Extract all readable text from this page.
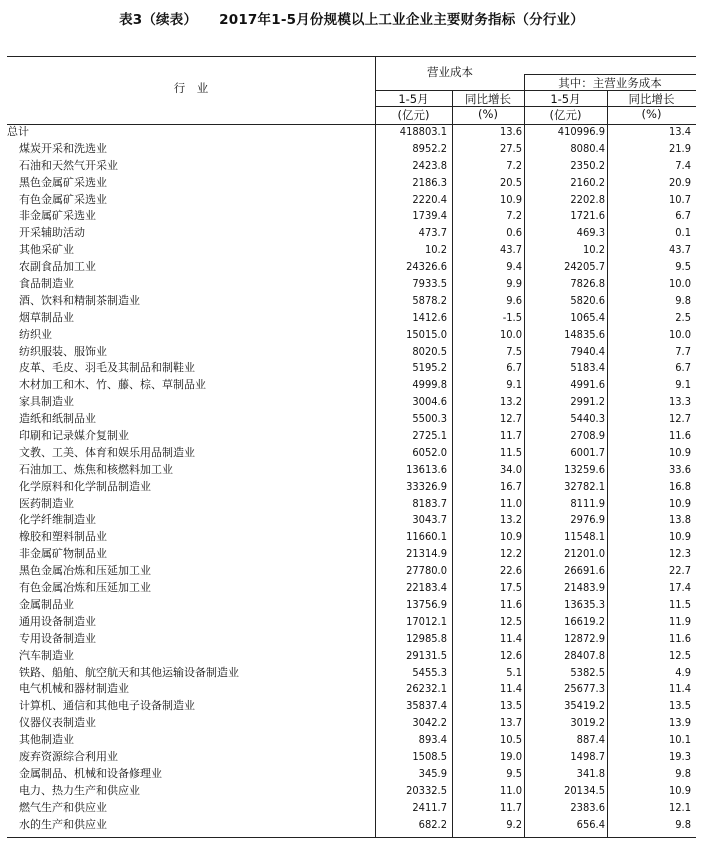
表3（续表） 2017年1-5月份规模以上工业企业主要财务指标（分行业）
行　业
营业成本
其中：主营业务成本
1-5月	同比增长	1-5月	同比增长
(亿元)	(%)	(亿元)	(%)
总计	418803.1	13.6	410996.9	13.4
煤炭开采和洗选业	8952.2	27.5	8080.4	21.9
石油和天然气开采业	2423.8	7.2	2350.2	7.4
黑色金属矿采选业	2186.3	20.5	2160.2	20.9
有色金属矿采选业	2220.4	10.9	2202.8	10.7
非金属矿采选业	1739.4	7.2	1721.6	6.7
开采辅助活动	473.7	0.6	469.3	0.1
其他采矿业	10.2	43.7	10.2	43.7
农副食品加工业	24326.6	9.4	24205.7	9.5
食品制造业	7933.5	9.9	7826.8	10.0
酒、饮料和精制茶制造业	5878.2	9.6	5820.6	9.8
烟草制品业	1412.6	-1.5	1065.4	2.5
纺织业	15015.0	10.0	14835.6	10.0
纺织服装、服饰业	8020.5	7.5	7940.4	7.7
皮革、毛皮、羽毛及其制品和制鞋业	5195.2	6.7	5183.4	6.7
木材加工和木、竹、藤、棕、草制品业	4999.8	9.1	4991.6	9.1
家具制造业	3004.6	13.2	2991.2	13.3
造纸和纸制品业	5500.3	12.7	5440.3	12.7
印刷和记录媒介复制业	2725.1	11.7	2708.9	11.6
文教、工美、体育和娱乐用品制造业	6052.0	11.5	6001.7	10.9
石油加工、炼焦和核燃料加工业	13613.6	34.0	13259.6	33.6
化学原料和化学制品制造业	33326.9	16.7	32782.1	16.8
医药制造业	8183.7	11.0	8111.9	10.9
化学纤维制造业	3043.7	13.2	2976.9	13.8
橡胶和塑料制品业	11660.1	10.9	11548.1	10.9
非金属矿物制品业	21314.9	12.2	21201.0	12.3
黑色金属冶炼和压延加工业	27780.0	22.6	26691.6	22.7
有色金属冶炼和压延加工业	22183.4	17.5	21483.9	17.4
金属制品业	13756.9	11.6	13635.3	11.5
通用设备制造业	17012.1	12.5	16619.2	11.9
专用设备制造业	12985.8	11.4	12872.9	11.6
汽车制造业	29131.5	12.6	28407.8	12.5
铁路、船舶、航空航天和其他运输设备制造业	5455.3	5.1	5382.5	4.9
电气机械和器材制造业	26232.1	11.4	25677.3	11.4
计算机、通信和其他电子设备制造业	35837.4	13.5	35419.2	13.5
仪器仪表制造业	3042.2	13.7	3019.2	13.9
其他制造业	893.4	10.5	887.4	10.1
废弃资源综合利用业	1508.5	19.0	1498.7	19.3
金属制品、机械和设备修理业	345.9	9.5	341.8	9.8
电力、热力生产和供应业	20332.5	11.0	20134.5	10.9
燃气生产和供应业	2411.7	11.7	2383.6	12.1
水的生产和供应业	682.2	9.2	656.4	9.8
